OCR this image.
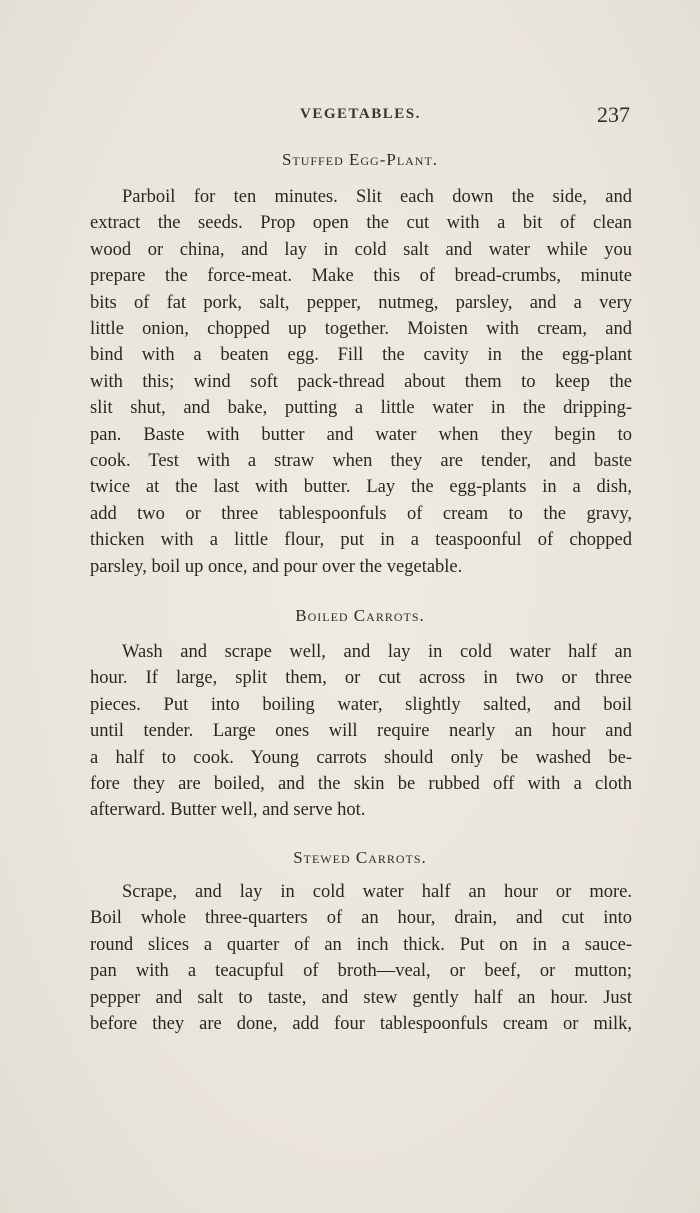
VEGETABLES.	237
Stuffed Egg-Plant.
Parboil for ten minutes. Slit each down the side, and
extract the seeds. Prop open the cut with a bit of clean
wood or china, and lay in cold salt and water while you
prepare the force-meat. Make this of bread-crumbs, minute
bits of fat pork, salt, pepper, nutmeg, parsley, and a very
little onion, chopped up together. Moisten with cream, and
bind with a beaten egg. Fill the cavity in the egg-plant
with this; wind soft pack-thread about them to keep the
slit shut, and bake, putting a little water in the dripping-
pan. Baste with butter and water when they begin to
cook. Test with a straw when they are tender, and baste
twice at the last with butter. Lay the egg-plants in a dish,
add two or three tablespoonfuls of cream to the gravy,
thicken with a little flour, put in a teaspoonful of chopped
parsley, boil up once, and pour over the vegetable.
Boiled Carrots.
Wash and scrape well, and lay in cold water half an
hour. If large, split them, or cut across in two or three
pieces. Put into boiling water, slightly salted, and boil
until tender. Large ones will require nearly an hour and
a half to cook. Young carrots should only be washed be-
fore they are boiled, and the skin be rubbed off with a cloth
afterward. Butter well, and serve hot.
Stewed Carrots.
Scrape, and lay in cold water half an hour or more.
Boil whole three-quarters of an hour, drain, and cut into
round slices a quarter of an inch thick. Put on in a sauce-
pan with a teacupful of broth—veal, or beef, or mutton;
pepper and salt to taste, and stew gently half an hour. Just
before they are done, add four tablespoonfuls cream or milk,
